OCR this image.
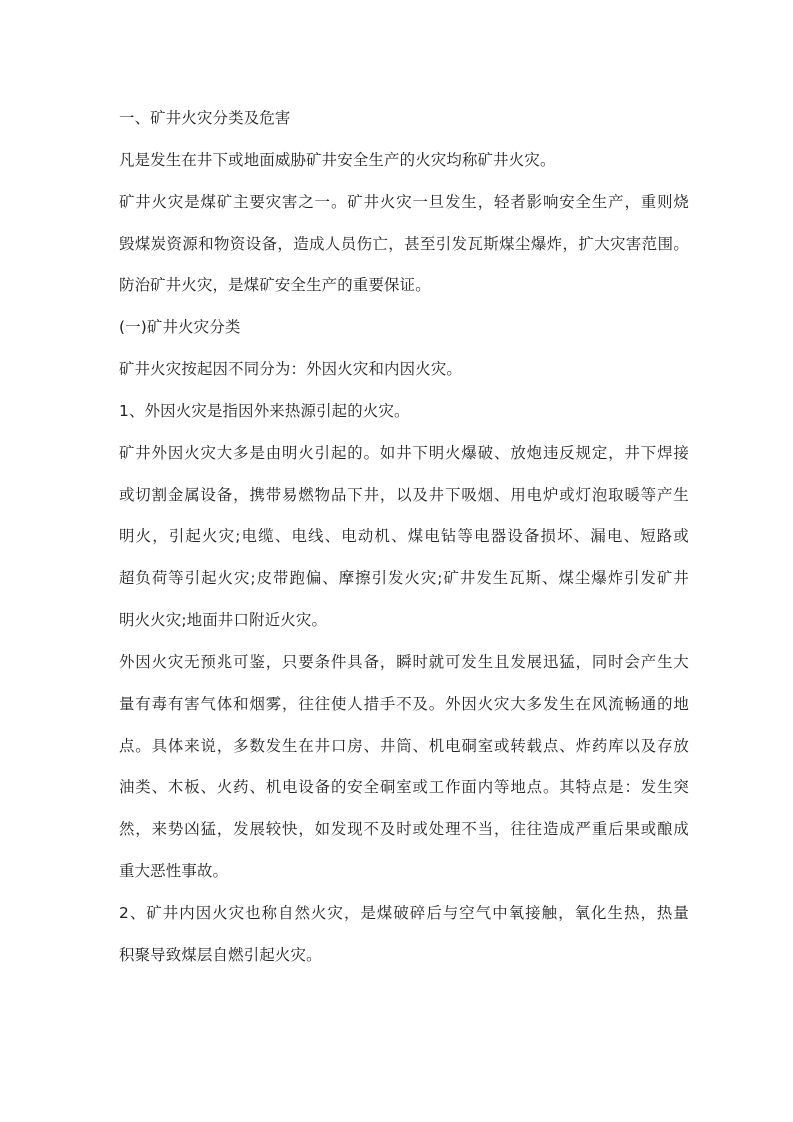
一、矿井火灾分类及危害
凡是发生在井下或地面威胁矿井安全生产的火灾均称矿井火灾。
矿井火灾是煤矿主要灾害之一。矿井火灾一旦发生，轻者影响安全生产，重则烧
毁煤炭资源和物资设备，造成人员伤亡，甚至引发瓦斯煤尘爆炸，扩大灾害范围。
防治矿井火灾，是煤矿安全生产的重要保证。
(一)矿井火灾分类
矿井火灾按起因不同分为：外因火灾和内因火灾。
1、外因火灾是指因外来热源引起的火灾。
矿井外因火灾大多是由明火引起的。如井下明火爆破、放炮违反规定，井下焊接
或切割金属设备，携带易燃物品下井，以及井下吸烟、用电炉或灯泡取暖等产生
明火，引起火灾;电缆、电线、电动机、煤电钻等电器设备损坏、漏电、短路或
超负荷等引起火灾;皮带跑偏、摩擦引发火灾;矿井发生瓦斯、煤尘爆炸引发矿井
明火火灾;地面井口附近火灾。
外因火灾无预兆可鉴，只要条件具备，瞬时就可发生且发展迅猛，同时会产生大
量有毒有害气体和烟雾，往往使人措手不及。外因火灾大多发生在风流畅通的地
点。具体来说，多数发生在井口房、井筒、机电硐室或转载点、炸药库以及存放
油类、木板、火药、机电设备的安全硐室或工作面内等地点。其特点是：发生突
然，来势凶猛，发展较快，如发现不及时或处理不当，往往造成严重后果或酿成
重大恶性事故。
2、矿井内因火灾也称自然火灾，是煤破碎后与空气中氧接触，氧化生热，热量
积聚导致煤层自燃引起火灾。
